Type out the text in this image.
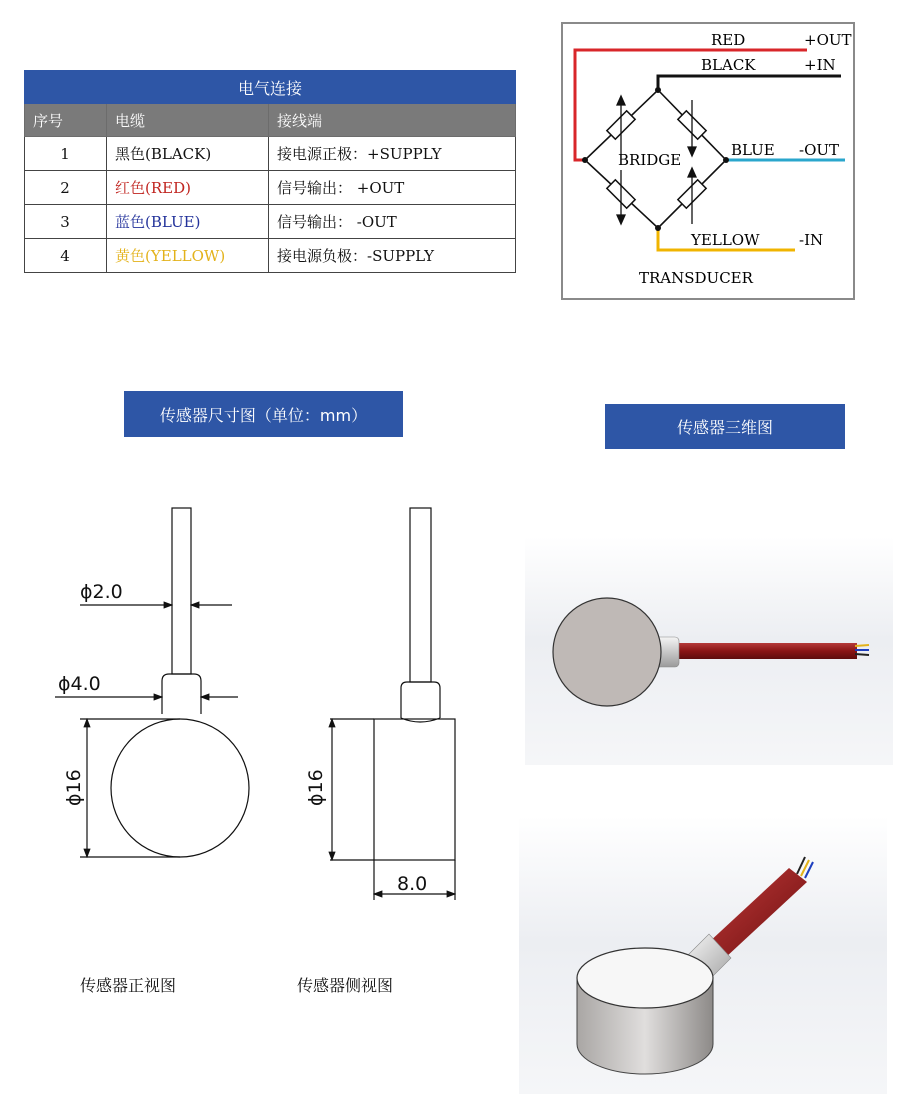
电气连接		
序号	电缆	接线端
1	黑色(BLACK)	接电源正极：+SUPPLY
2	红色(RED)	信号输出： +OUT
3	蓝色(BLUE)	信号输出： -OUT
4	黄色(YELLOW)	接电源负极：-SUPPLY
RED	+OUT
BLACK	+IN
BRIDGE
BLUE -OUT
YELLOW	-IN
TRANSDUCER
传感器尺寸图（单位：mm）
传感器三维图
ϕ2.0
ϕ4.0
ϕ16	ϕ16
8.0
传感器正视图	传感器侧视图
